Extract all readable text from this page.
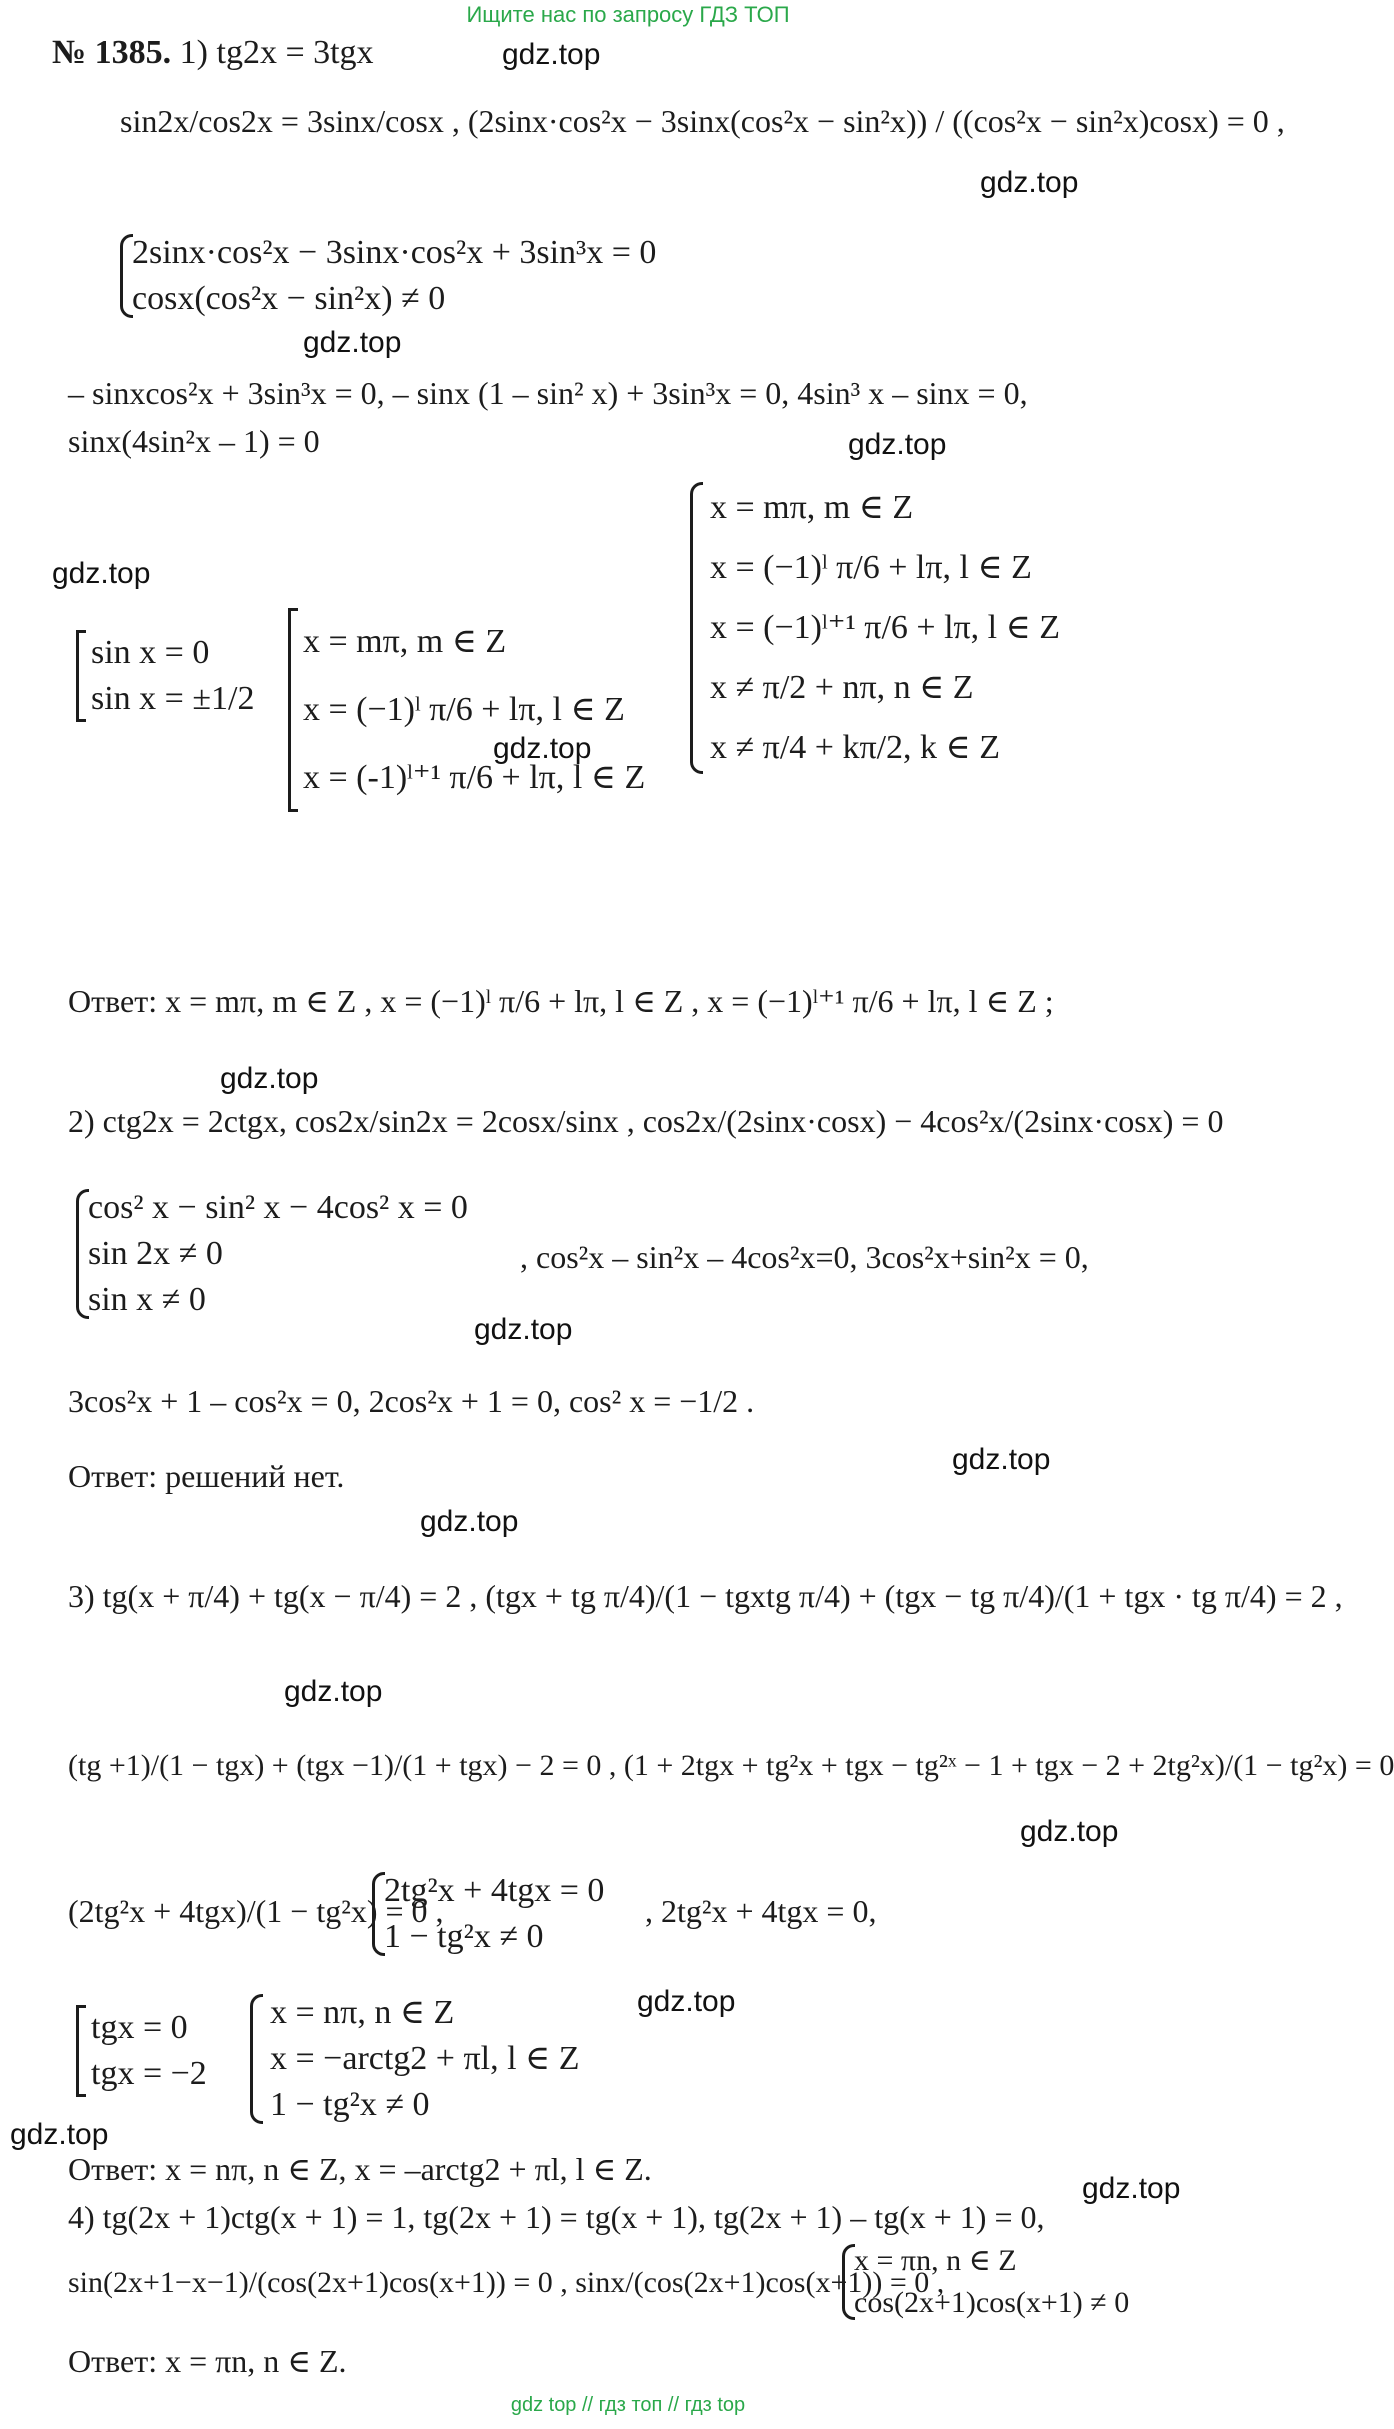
Ищите нас по запросу ГДЗ ТОП
№ 1385. 1) tg2x = 3tgx
sin2x/cos2x = 3sinx/cosx , (2sinx·cos²x − 3sinx(cos²x − sin²x)) / ((cos²x − sin²x)cosx) = 0 ,
2sinx·cos²x − 3sinx·cos²x + 3sin³x = 0
cosx(cos²x − sin²x) ≠ 0
– sinxcos²x + 3sin³x = 0, – sinx (1 – sin² x) + 3sin³x = 0, 4sin³ x – sinx = 0,
sinx(4sin²x – 1) = 0
sin x = 0
sin x = ±1/2
x = mπ, m ∈ Z
x = (−1)ˡ π/6 + lπ, l ∈ Z
x = (-1)ˡ⁺¹ π/6 + lπ, l ∈ Z
x = mπ, m ∈ Z
x = (−1)ˡ π/6 + lπ, l ∈ Z
x = (−1)ˡ⁺¹ π/6 + lπ, l ∈ Z
x ≠ π/2 + nπ, n ∈ Z
x ≠ π/4 + kπ/2, k ∈ Z
Ответ: x = mπ, m ∈ Z , x = (−1)ˡ π/6 + lπ, l ∈ Z , x = (−1)ˡ⁺¹ π/6 + lπ, l ∈ Z ;
2) ctg2x = 2ctgx, cos2x/sin2x = 2cosx/sinx , cos2x/(2sinx·cosx) − 4cos²x/(2sinx·cosx) = 0
cos² x − sin² x − 4cos² x = 0
sin 2x ≠ 0
sin x ≠ 0
, cos²x – sin²x – 4cos²x=0, 3cos²x+sin²x = 0,
3cos²x + 1 – cos²x = 0, 2cos²x + 1 = 0, cos² x = −1/2 .
Ответ: решений нет.
3) tg(x + π/4) + tg(x − π/4) = 2 , (tgx + tg π/4)/(1 − tgxtg π/4) + (tgx − tg π/4)/(1 + tgx · tg π/4) = 2 ,
(tg +1)/(1 − tgx) + (tgx −1)/(1 + tgx) − 2 = 0 , (1 + 2tgx + tg²x + tgx − tg²ˣ − 1 + tgx − 2 + 2tg²x)/(1 − tg²x) = 0
(2tg²x + 4tgx)/(1 − tg²x) = 0 ,
2tg²x + 4tgx = 0
1 − tg²x ≠ 0
, 2tg²x + 4tgx = 0,
tgx = 0
tgx = −2
x = nπ, n ∈ Z
x = −arctg2 + πl, l ∈ Z
1 − tg²x ≠ 0
Ответ: x = nπ, n ∈ Z, x = –arctg2 + πl, l ∈ Z.
4) tg(2x + 1)ctg(x + 1) = 1, tg(2x + 1) = tg(x + 1), tg(2x + 1) – tg(x + 1) = 0,
sin(2x+1−x−1)/(cos(2x+1)cos(x+1)) = 0 , sinx/(cos(2x+1)cos(x+1)) = 0 ,
x = πn, n ∈ Z
cos(2x+1)cos(x+1) ≠ 0
Ответ: x = πn, n ∈ Z.
gdz.top
gdz.top
gdz.top
gdz.top
gdz.top
gdz.top
gdz.top
gdz.top
gdz.top
gdz.top
gdz.top
gdz.top
gdz.top
gdz.top
gdz.top
gdz top // гдз топ // гдз top
